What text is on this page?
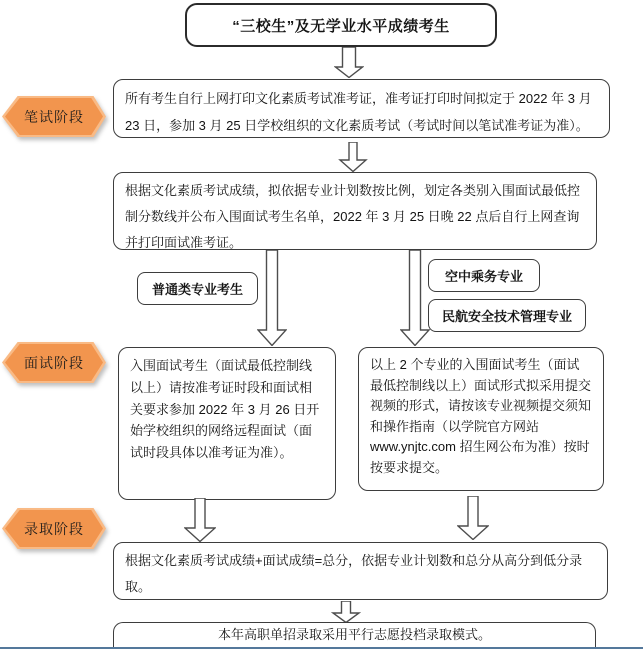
“三校生”及无学业水平成绩考生
所有考生自行上网打印文化素质考试准考证，准考证打印时间拟定于 2022 年 3 月 23 日，参加 3 月 25 日学校组织的文化素质考试（考试时间以笔试准考证为准）。
笔试阶段
根据文化素质考试成绩，拟依据专业计划数按比例，划定各类别入围面试最低控制分数线并公布入围面试考生名单，2022 年 3 月 25 日晚 22 点后自行上网查询并打印面试准考证。
普通类专业考生
空中乘务专业
民航安全技术管理专业
面试阶段	入围面试考生（面试最低控制线以上）请按准考证时段和面试相关要求参加 2022 年 3 月 26 日开始学校组织的网络远程面试（面试时段具体以准考证为准）。
以上 2 个专业的入围面试考生（面试最低控制线以上）面试形式拟采用提交视频的形式，请按该专业视频提交须知和操作指南（以学院官方网站 www.ynjtc.com 招生网公布为准）按时按要求提交。
录取阶段
根据文化素质考试成绩+面试成绩=总分，依据专业计划数和总分从高分到低分录取。
本年高职单招录取采用平行志愿投档录取模式。
